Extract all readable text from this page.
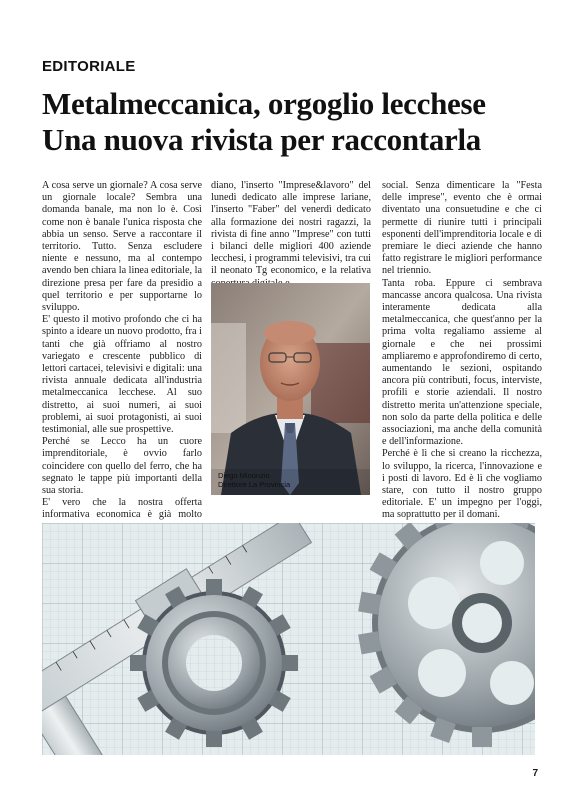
EDITORIALE
Metalmeccanica, orgoglio lecchese
Una nuova rivista per raccontarla

A cosa serve un giornale? A cosa serve un giornale locale? Sembra una domanda banale, ma non lo è. Così come non è banale l'unica risposta che abbia un senso. Serve a raccontare il territorio. Tutto. Senza escludere niente e nessuno, ma al contempo avendo ben chiara la linea editoriale, la direzione presa per fare da presidio a quel territorio e per supportarne lo sviluppo.

E' questo il motivo profondo che ci ha spinto a ideare un nuovo prodotto, fra i tanti che già offriamo al nostro variegato e crescente pubblico di lettori cartacei, televisivi e digitali: una rivista annuale dedicata all'industria metalmeccanica lecchese. Al suo distretto, ai suoi numeri, ai suoi problemi, ai suoi protagonisti, ai suoi testimonial, alle sue prospettive.

Perché se Lecco ha un cuore imprenditoriale, è ovvio farlo coincidere con quello del ferro, che ha segnato le tappe più importanti della sua storia.

E' vero che la nostra offerta informativa economica è già molto

diano, l'inserto "Imprese&lavoro" del lunedì dedicato alle imprese lariane, l'inserto "Faber" del venerdì dedicato alla formazione dei nostri ragazzi, la rivista di fine anno "Imprese" con tutti i bilanci delle migliori 400 aziende lecchesi, i programmi televisivi, tra cui il neonato Tg economico, e la relativa

Diego Minonzio
Direttore La Provincia

social. Senza dimenticare la "Festa delle imprese", evento che è ormai diventato una consuetudine e che ci permette di riunire tutti i principali esponenti dell'imprenditoria locale e di premiare le dieci aziende che hanno fatto registrare le migliori performance nel triennio.

Tanta roba. Eppure ci sembrava mancasse ancora qualcosa. Una rivista interamente dedicata alla metalmeccanica, che quest'anno per la prima volta regaliamo assieme al giornale e che nei prossimi ampliaremo e approfondiremo di certo, aumentando le sezioni, ospitando ancora più contributi, focus, interviste, profili e storie aziendali. Il nostro distretto merita un'attenzione speciale, non solo da parte della politica e delle associazioni, ma anche della comunità e dell'informazione.

Perché è lì che si creano la ricchezza, lo sviluppo, la ricerca, l'innovazione e i posti di lavoro. Ed è lì che vogliamo stare, con tutto il nostro gruppo editoriale. E' un impegno per l'oggi, ma soprattutto per il domani.

7
